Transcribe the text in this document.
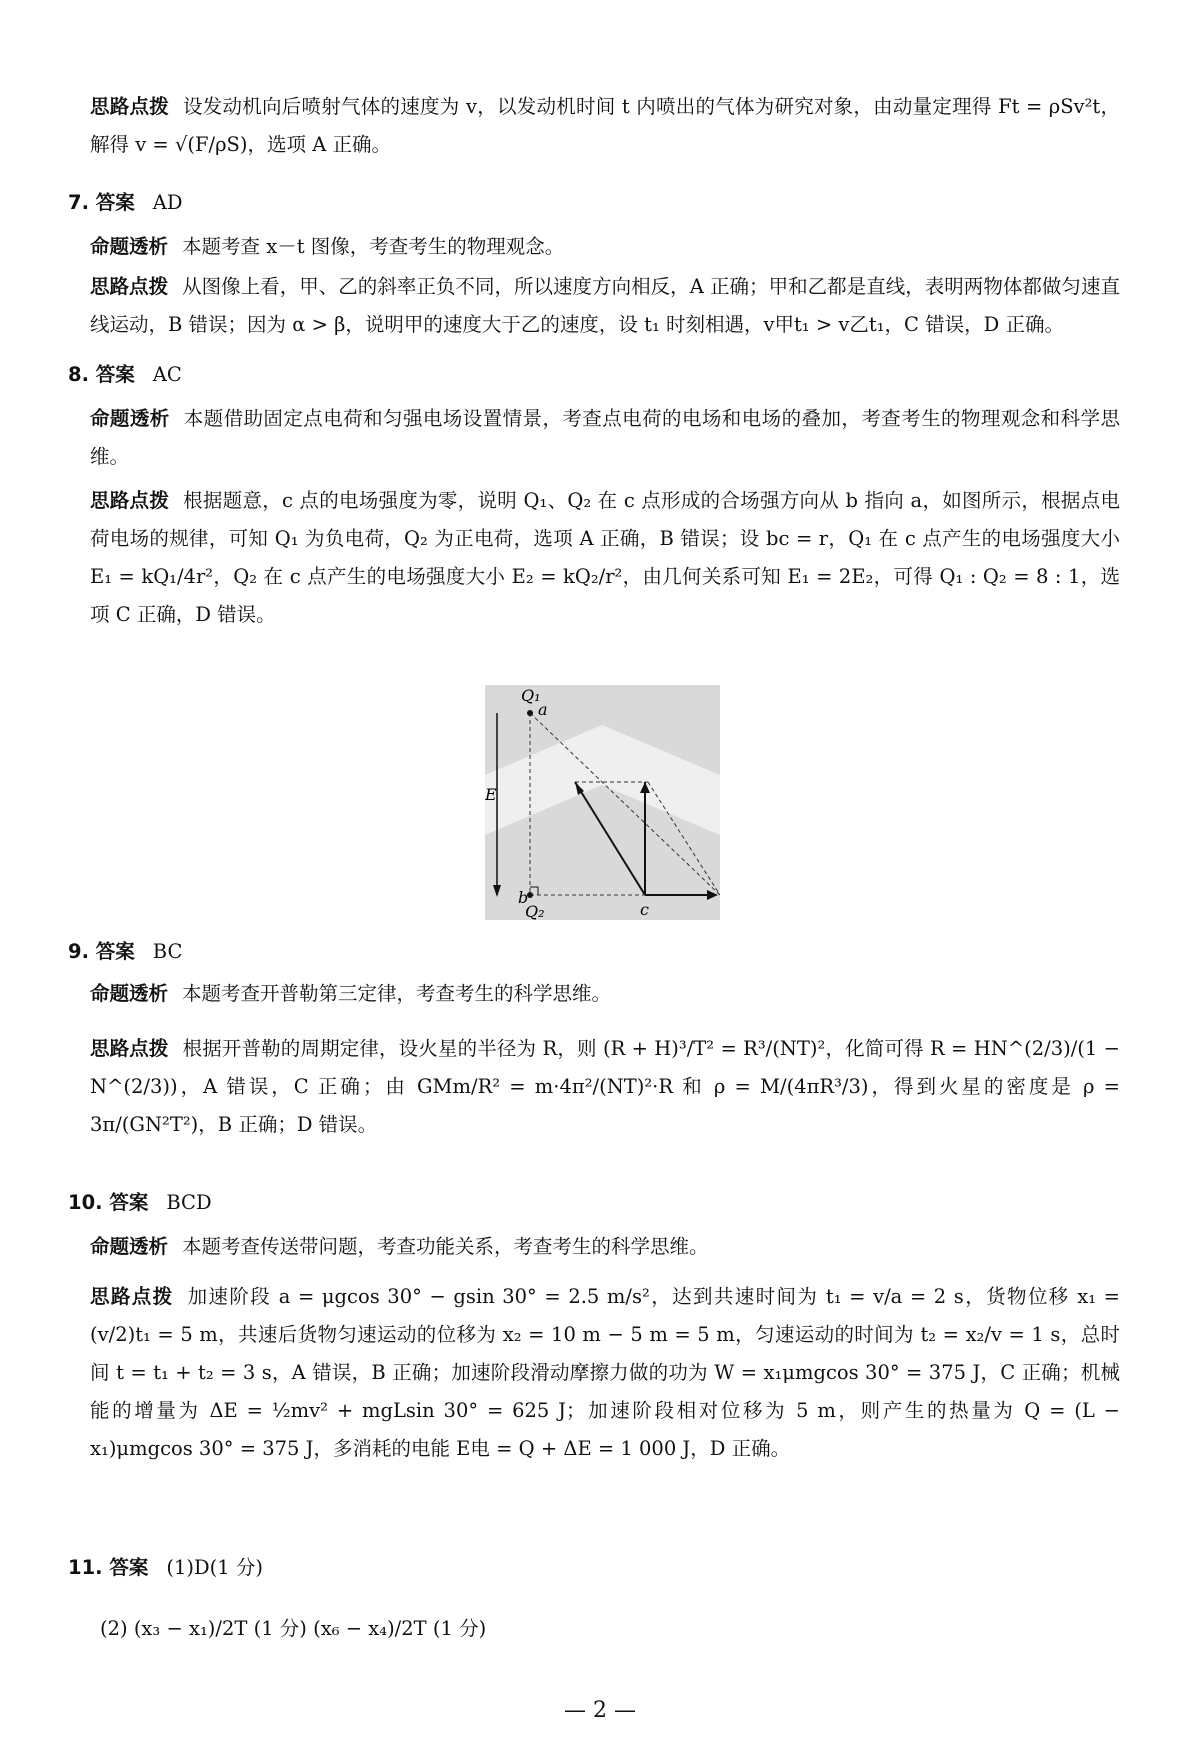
思路点拨 设发动机向后喷射气体的速度为 v，以发动机时间 t 内喷出的气体为研究对象，由动量定理得 Ft = ρSv²t，解得 v = √(F/ρS)，选项 A 正确。
7. 答案 AD
命题透析 本题考查 x－t 图像，考查考生的物理观念。
思路点拨 从图像上看，甲、乙的斜率正负不同，所以速度方向相反，A 正确；甲和乙都是直线，表明两物体都做匀速直线运动，B 错误；因为 α > β，说明甲的速度大于乙的速度，设 t₁ 时刻相遇，v甲t₁ > v乙t₁，C 错误，D 正确。
8. 答案 AC
命题透析 本题借助固定点电荷和匀强电场设置情景，考查点电荷的电场和电场的叠加，考查考生的物理观念和科学思维。
思路点拨 根据题意，c 点的电场强度为零，说明 Q₁、Q₂ 在 c 点形成的合场强方向从 b 指向 a，如图所示，根据点电荷电场的规律，可知 Q₁ 为负电荷，Q₂ 为正电荷，选项 A 正确，B 错误；设 bc = r，Q₁ 在 c 点产生的电场强度大小 E₁ = kQ₁/4r²，Q₂ 在 c 点产生的电场强度大小 E₂ = kQ₂/r²，由几何关系可知 E₁ = 2E₂，可得 Q₁ : Q₂ = 8 : 1，选项 C 正确，D 错误。
Q₁
a
E
b
Q₂	c
9. 答案 BC
命题透析 本题考查开普勒第三定律，考查考生的科学思维。
思路点拨 根据开普勒的周期定律，设火星的半径为 R，则 (R + H)³/T² = R³/(NT)²，化简可得 R = HN^(2/3)/(1 − N^(2/3))，A 错误，C 正确；由 GMm/R² = m·4π²/(NT)²·R 和 ρ = M/(4πR³/3)，得到火星的密度是 ρ = 3π/(GN²T²)，B 正确；D 错误。
10. 答案 BCD
命题透析 本题考查传送带问题，考查功能关系，考查考生的科学思维。
思路点拨 加速阶段 a = μgcos 30° − gsin 30° = 2.5 m/s²，达到共速时间为 t₁ = v/a = 2 s，货物位移 x₁ = (v/2)t₁ = 5 m，共速后货物匀速运动的位移为 x₂ = 10 m − 5 m = 5 m，匀速运动的时间为 t₂ = x₂/v = 1 s，总时间 t = t₁ + t₂ = 3 s，A 错误，B 正确；加速阶段滑动摩擦力做的功为 W = x₁μmgcos 30° = 375 J，C 正确；机械能的增量为 ΔE = ½mv² + mgLsin 30° = 625 J；加速阶段相对位移为 5 m，则产生的热量为 Q = (L − x₁)μmgcos 30° = 375 J，多消耗的电能 E电 = Q + ΔE = 1 000 J，D 正确。
11. 答案 (1)D(1 分)
(2) (x₃ − x₁)/2T (1 分) (x₆ − x₄)/2T (1 分)
— 2 —
